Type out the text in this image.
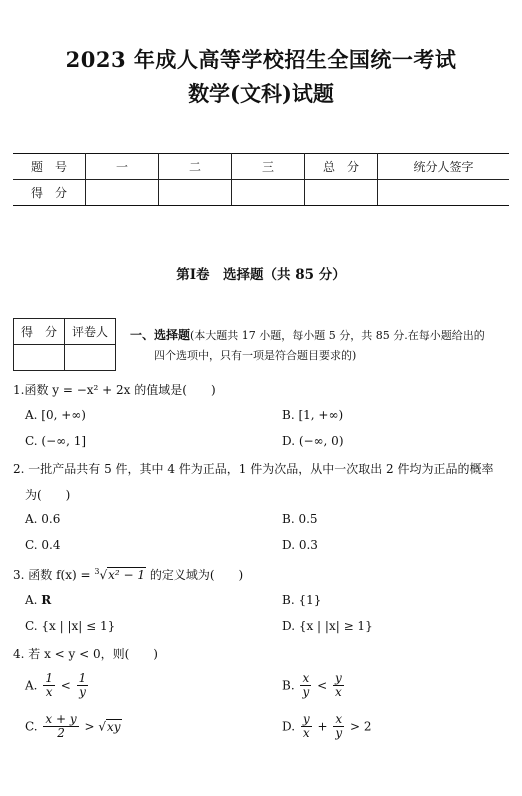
2023 年成人高等学校招生全国统一考试
数学(文科)试题
题　号	一	二	三	总　分	统分人签字
得　分					
第Ⅰ卷　选择题（共 85 分）
得　分	评卷人
	一、选择题(本大题共 17 小题，每小题 5 分，共 85 分.在每小题给出的
四个选项中，只有一项是符合题目要求的)
1.函数 y = −x² + 2x 的值域是(　　)
A. [0, +∞)	B. [1, +∞)
C. (−∞, 1]	D. (−∞, 0)
2. 一批产品共有 5 件，其中 4 件为正品，1 件为次品，从中一次取出 2 件均为正品的概率
为(　　)
A. 0.6	B. 0.5
C. 0.4	D. 0.3
3. 函数 f(x) = $^3$√x² − 1 的定义域为(　　)
A. R	B. {1}
C. {x | |x| ≤ 1}	D. {x | |x| ≥ 1}
4. 若 x < y < 0，则(　　)
A. $\frac{1}{x} < \frac{1}{y}$	B. $\frac{x}{y} < \frac{y}{x}$
C. $\frac{x + y}{2} > √xy$	D. $\frac{y}{x} + \frac{x}{y} > 2$
